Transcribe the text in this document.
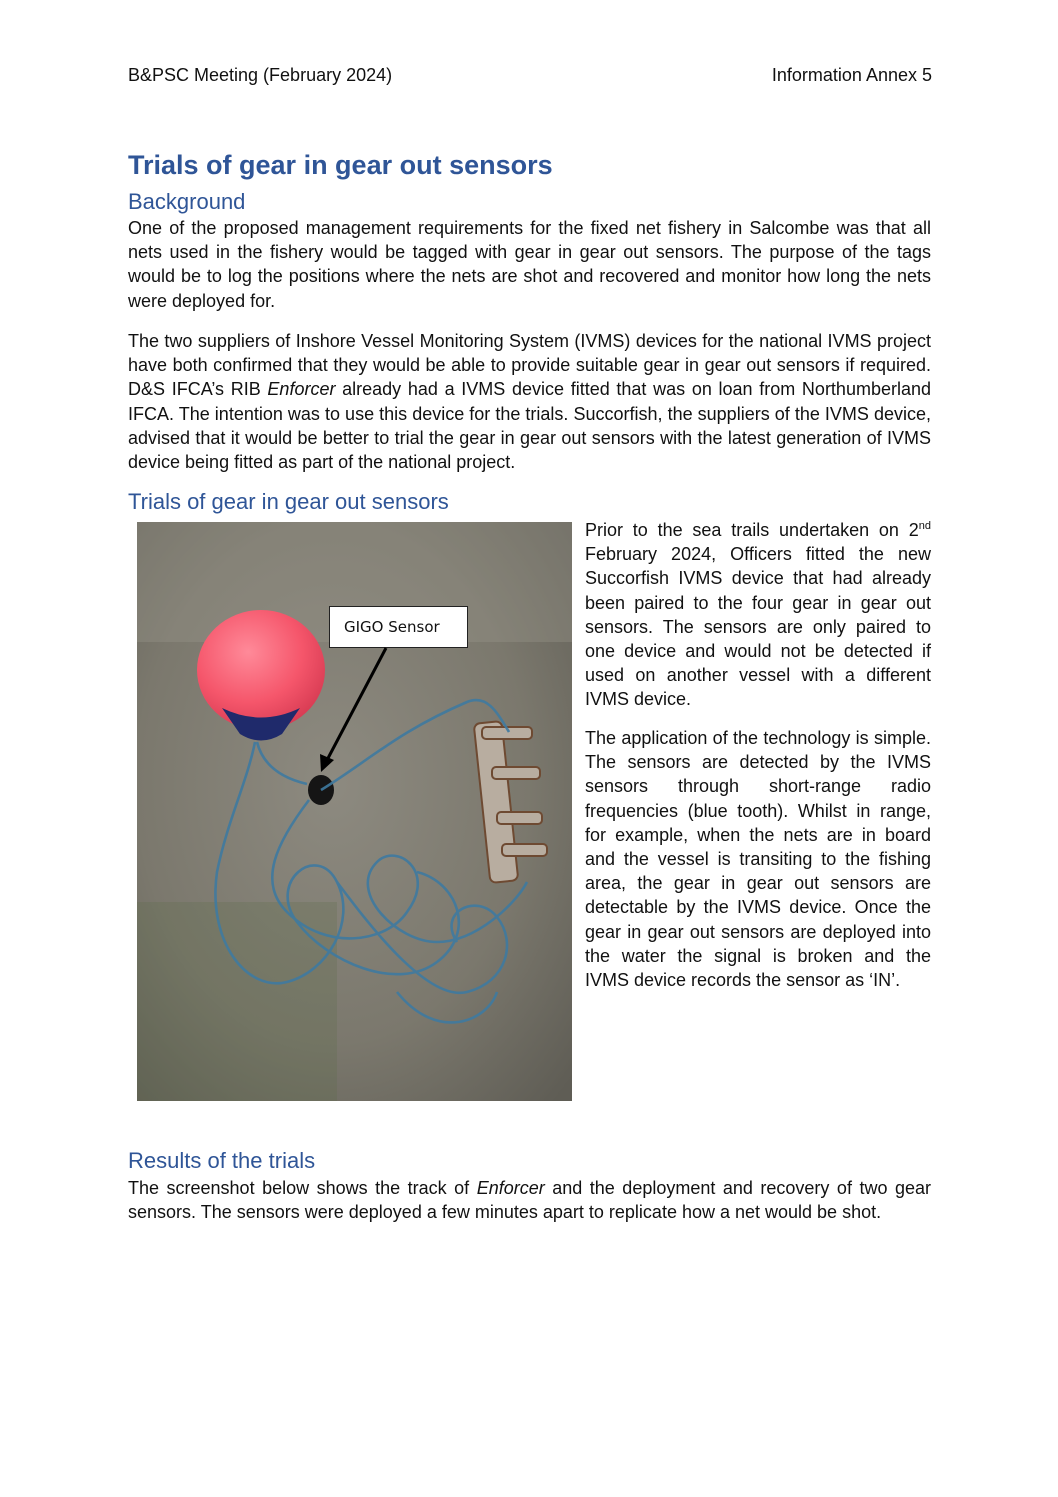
B&PSC Meeting (February 2024)	Information Annex 5
Trials of gear in gear out sensors
Background

One of the proposed management requirements for the fixed net fishery in Salcombe was that all nets used in the fishery would be tagged with gear in gear out sensors. The purpose of the tags would be to log the positions where the nets are shot and recovered and monitor how long the nets were deployed for.

The two suppliers of Inshore Vessel Monitoring System (IVMS) devices for the national IVMS project have both confirmed that they would be able to provide suitable gear in gear out sensors if required. D&S IFCA’s RIB Enforcer already had a IVMS device fitted that was on loan from Northumberland IFCA. The intention was to use this device for the trials. Succorfish, the suppliers of the IVMS device, advised that it would be better to trial the gear in gear out sensors with the latest generation of IVMS device being fitted as part of the national project.

Trials of gear in gear out sensors
GIGO Sensor

Prior to the sea trails undertaken on 2nd February 2024, Officers fitted the new Succorfish IVMS device that had already been paired to the four gear in gear out sensors. The sensors are only paired to one device and would not be detected if used on another vessel with a different IVMS device.

The application of the technology is simple. The sensors are detected by the IVMS sensors through short-range radio frequencies (blue tooth). Whilst in range, for example, when the nets are in board and the vessel is transiting to the fishing area, the gear in gear out sensors are detectable by the IVMS device. Once the gear in gear out sensors are deployed into the water the signal is broken and the IVMS device records the sensor as ‘IN’.

Results of the trials

The screenshot below shows the track of Enforcer and the deployment and recovery of two gear sensors. The sensors were deployed a few minutes apart to replicate how a net would be shot.
